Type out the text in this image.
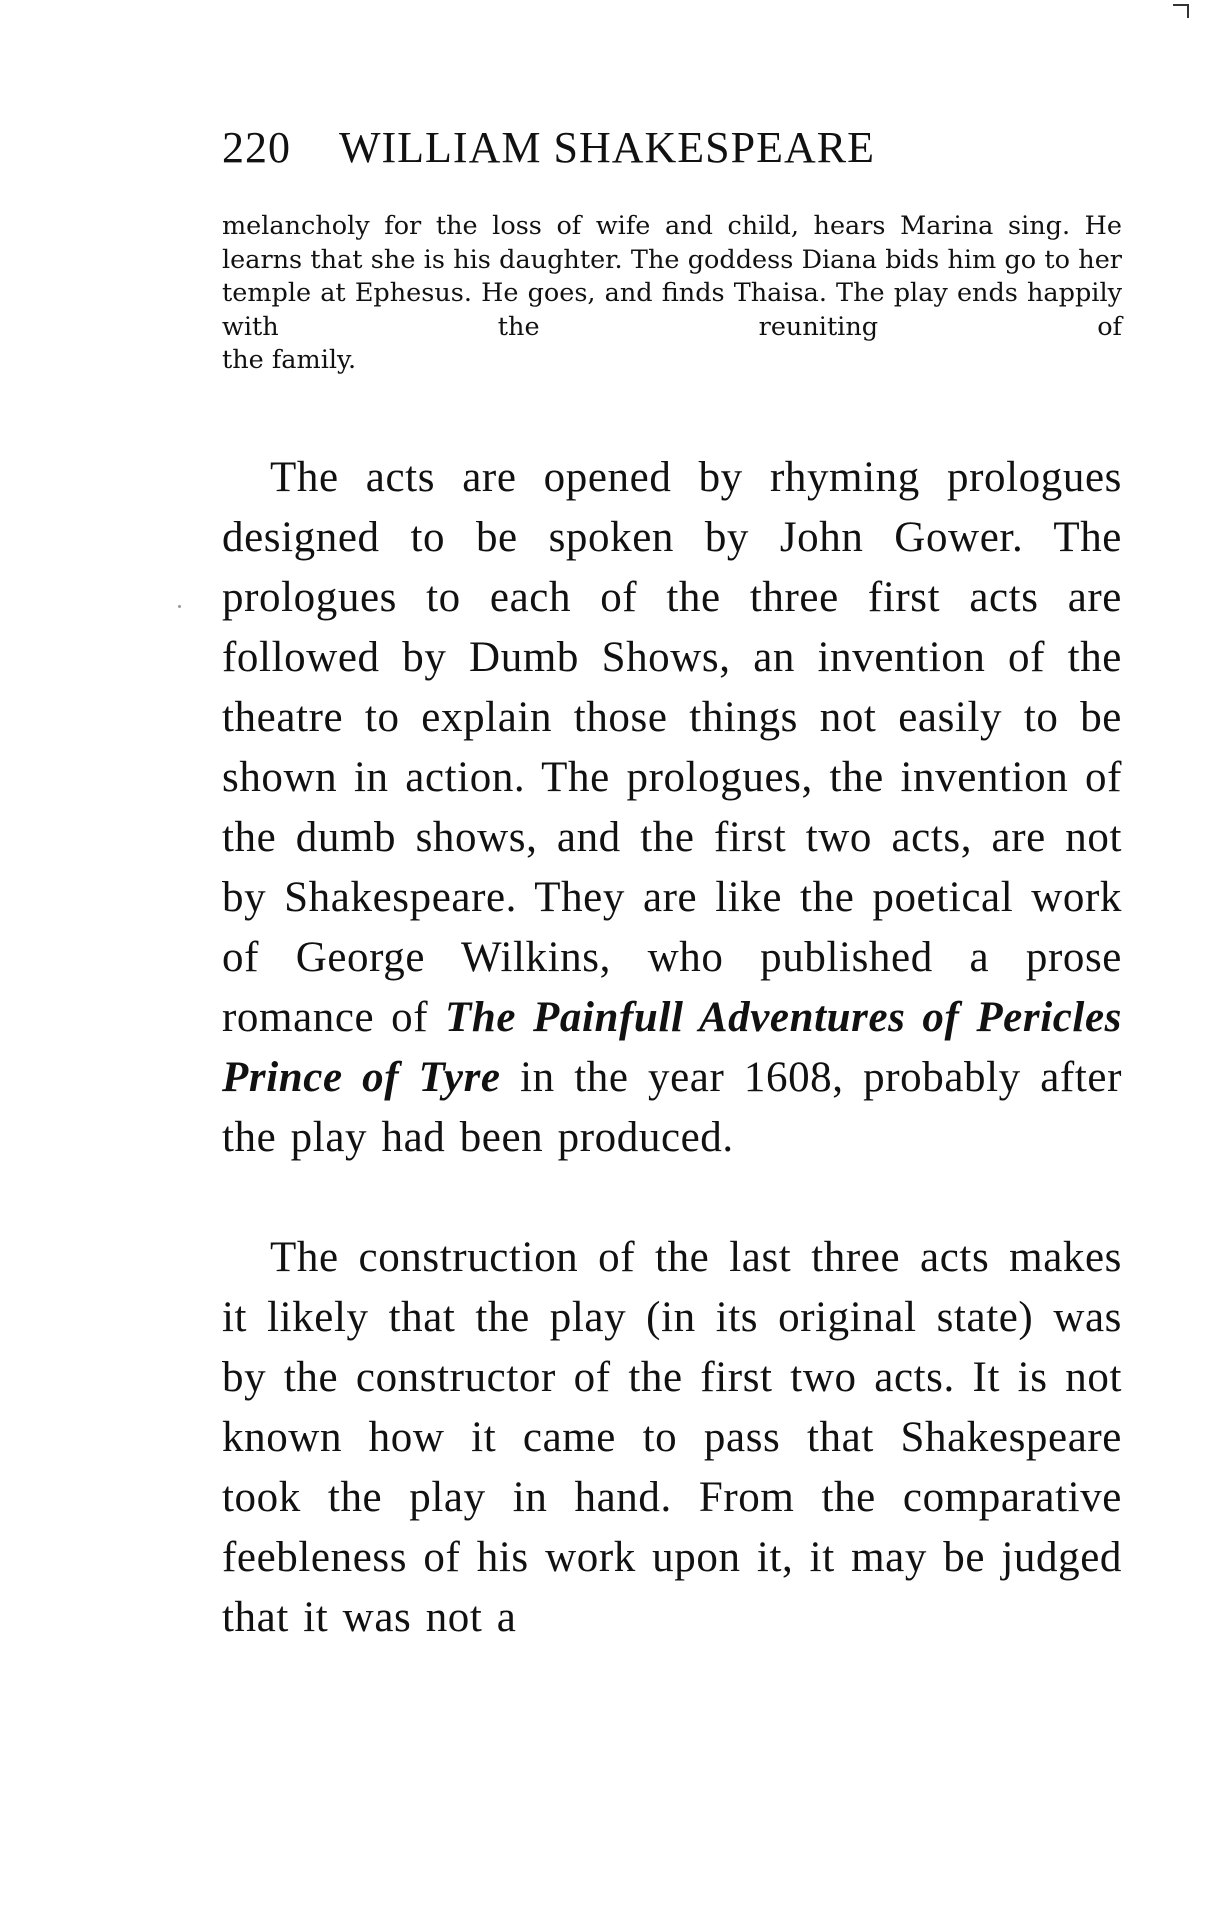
220 WILLIAM SHAKESPEARE

melancholy for the loss of wife and child, hears Marina sing. He learns that she is his daughter. The goddess Diana bids him go to her temple at Ephesus. He goes, and finds Thaisa. The play ends happily with the reuniting of
the family.

The acts are opened by rhyming prologues designed to be spoken by John Gower. The prologues to each of the three first acts are followed by Dumb Shows, an invention of the theatre to explain those things not easily to be shown in action. The prologues, the invention of the dumb shows, and the first two acts, are not by Shakespeare. They are like the poetical work of George Wilkins, who published a prose romance of The Painfull Adventures of Pericles Prince of Tyre in the year 1608, probably after the play had been produced.

The construction of the last three acts makes it likely that the play (in its original state) was by the constructor of the first two acts. It is not known how it came to pass that Shakespeare took the play in hand. From the comparative feebleness of his work upon it, it may be judged that it was not a
